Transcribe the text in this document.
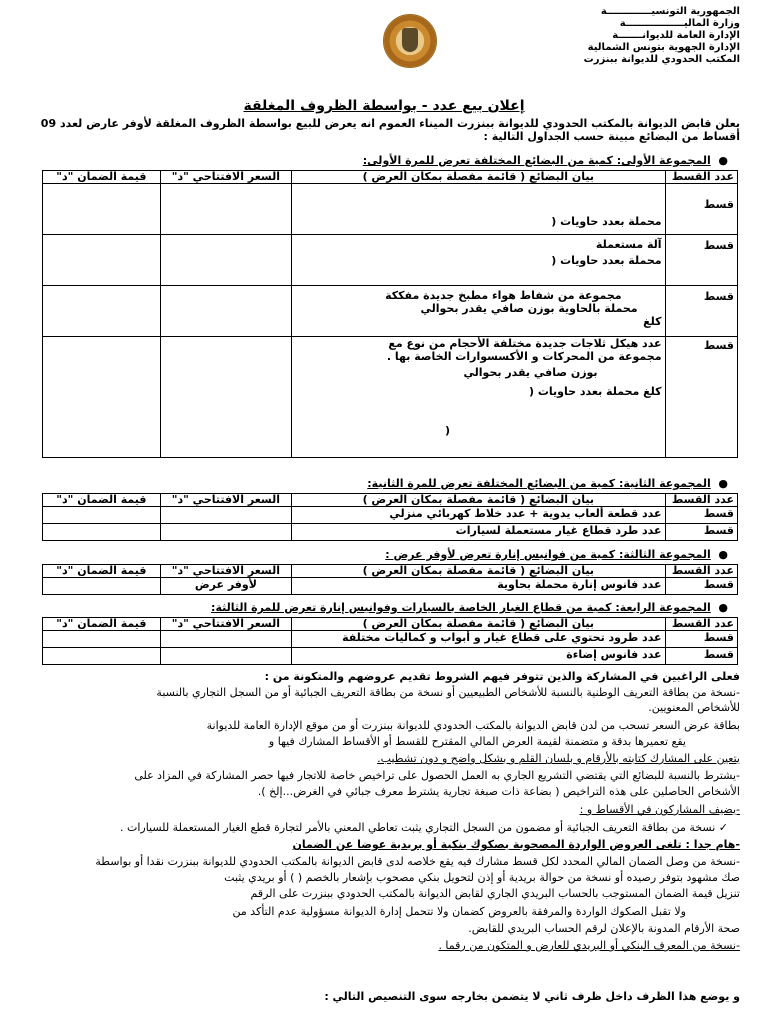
الجمهورية التونسيـــــــــــــة
وزارة الماليـــــــــــــــــة
الإدارة العامة للديوانـــــــة
الإدارة الجهوية بتونس الشمالية
المكتب الحدودي للديوانة ببنزرت
إعلان بيع عدد - بواسطة الظروف المغلقة
يعلن قابض الديوانة بالمكتب الحدودي للديوانة ببنزرت الميناء العموم انه يعرض للبيع بواسطة الظروف المغلقة لأوفر عارض لعدد 09
أقساط من البضائع مبينة حسب الجداول التالية :
●  المجموعة الأولى: كمية من البضائع المختلفة تعرض للمرة الأولى:
عدد القسط	بيان البضائع ( قائمة مفصلة بمكان العرض )	السعر الافتتاحي "د"	قيمة الضمان "د"
قسط	محملة بعدد حاويات (		

قسط	آلة مستعملة
محملة بعدد حاويات (		

قسط	مجموعة من شفاط هواء مطبخ جديدة مفككة
محملة بالحاوية بوزن صافي يقدر بحوالي
كلغ		

قسط	عدد هيكل ثلاجات جديدة مختلفة الأحجام من نوع مع
مجموعة من المحركات و الأكسسوارات الخاصة بها .
بوزن صافي يقدر بحوالي
كلغ محملة بعدد حاويات (
)		

●  المجموعة الثانية: كمية من البضائع المختلفة تعرض للمرة الثانية:
عدد القسط	بيان البضائع ( قائمة مفصلة بمكان العرض )	السعر الافتتاحي "د"	قيمة الضمان "د"
قسط	عدد قطعة ألعاب يدوية + عدد خلاط كهربائي منزلي		
قسط	عدد طرد قطاع غيار مستعملة لسيارات		
●  المجموعة الثالثة: كمية من فوانيس إنارة تعرض لأوفر عرض :
عدد القسط	بيان البضائع ( قائمة مفصلة بمكان العرض )	السعر الافتتاحي "د"	قيمة الضمان "د"
قسط	عدد فانوس إنارة محملة بحاوية	لأوفر عرض	
●  المجموعة الرابعة: كمية من قطاع الغيار الخاصة بالسيارات وفوانيس إنارة تعرض للمرة الثالثة:
عدد القسط	بيان البضائع ( قائمة مفصلة بمكان العرض )	السعر الافتتاحي "د"	قيمة الضمان "د"
قسط	عدد طرود تحتوي على قطاع غيار و أبواب و كماليات مختلفة		
قسط	عدد فانوس إضاءة		
فعلى الراغبين في المشاركة والذين تتوفر فيهم الشروط تقديم عروضهم والمتكونة من :
-نسخة من بطاقة التعريف الوطنية بالنسبة للأشخاص الطبيعيين أو نسخة من بطاقة التعريف الجبائية أو من السجل التجاري بالنسبة
للأشخاص المعنويين.
بطاقة عرض السعر تسحب من لدن قابض الديوانة بالمكتب الحدودي للديوانة ببنزرت أو من موقع الإدارة العامة للديوانة
يقع تعميرها بدقة و متضمنة لقيمة العرض المالي المقترح للقسط أو الأقساط المشارك فيها و
يتعين على المشارك كتابته بالأرقام و بلسان القلم و بشكل واضح و دون تشطيب.
-يشترط بالنسبة للبضائع التي يقتضي التشريع الجاري به العمل الحصول على تراخيص خاصة للاتجار فيها حصر المشاركة في المزاد على
الأشخاص الحاصلين على هذه التراخيص ( بضاعة ذات صبغة تجارية يشترط معرف جبائي في الغرض...إلخ ).
-يضيف المشاركون في الأقساط و :
✓ نسخة من بطاقة التعريف الجبائية أو مضمون من السجل التجاري يثبت تعاطي المعني بالأمر لتجارة قطع الغيار المستعملة للسيارات .
-هام جدا : تلغى العروض الواردة المصحوبة بصكوك بنكية أو بريدية عوضا عن الضمان
-نسخة من وصل الضمان المالي المحدد لكل قسط مشارك فيه يقع خلاصه لدى قابض الديوانة بالمكتب الحدودي للديوانة ببنزرت نقدا أو بواسطة
صك مشهود بتوفر رصيده أو نسخة من حوالة بريدية أو إذن لتحويل بنكي مصحوب بإشعار بالخصم ( ) أو بريدي يثبت
تنزيل قيمة الضمان المستوجب بالحساب البريدي الجاري لقابض الديوانة بالمكتب الحدودي ببنزرت على الرقم
ولا تقبل الصكوك الواردة والمرفقة بالعروض كضمان ولا تتحمل إدارة الديوانة مسؤولية عدم التأكد من
صحة الأرقام المدونة بالإعلان لرقم الحساب البريدي للقابض.
-نسخة من المعرف البنكي أو البريدي للعارض و المتكون من رقما .
و يوضع هذا الظرف داخل ظرف ثاني لا يتضمن بخارجه سوى التنصيص التالي :
